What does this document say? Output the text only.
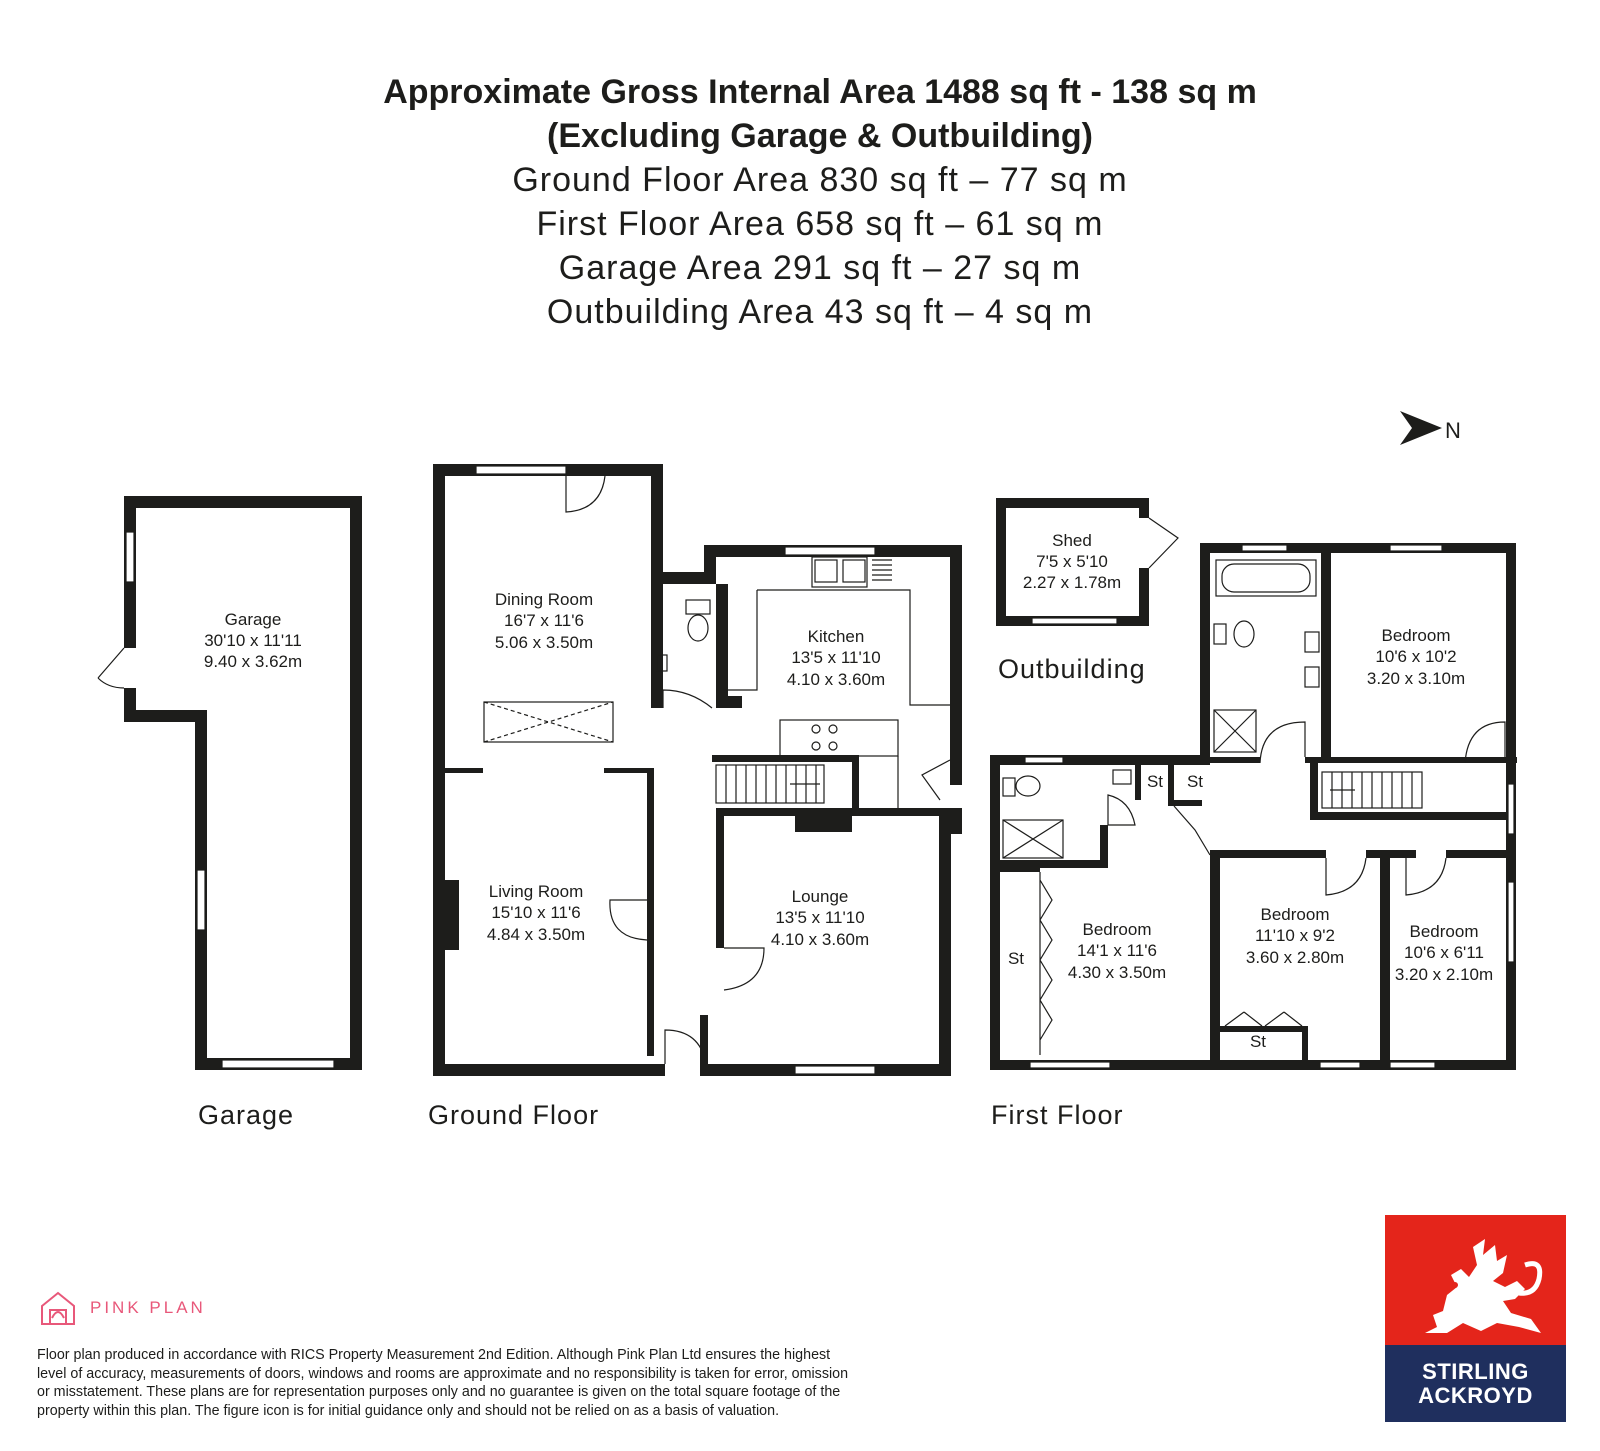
Approximate Gross Internal Area 1488 sq ft - 138 sq m
(Excluding Garage & Outbuilding)
Ground Floor Area 830 sq ft – 77 sq m
First Floor Area 658 sq ft – 61 sq m
Garage Area 291 sq ft – 27 sq m
Outbuilding Area 43 sq ft – 4 sq m
N
Garage
30'10 x 11'11
9.40 x 3.62m
Garage
Dining Room
16'7 x 11'6
5.06 x 3.50m	Kitchen
13'5 x 11'10
4.10 x 3.60m
Living Room
15'10 x 11'6
4.84 x 3.50m
Lounge
13'5 x 11'10
4.10 x 3.60m
Ground Floor
Shed
7'5 x 5'10
2.27 x 1.78m
Outbuilding
St St
St
St
Bedroom
10'6 x 10'2
3.20 x 3.10m
Bedroom
14'1 x 11'6
4.30 x 3.50m
Bedroom
11'10 x 9'2
3.60 x 2.80m
Bedroom
10'6 x 6'11
3.20 x 2.10m
First Floor
PINK PLAN
Floor plan produced in accordance with RICS Property Measurement 2nd Edition. Although Pink Plan Ltd ensures the highest
level of accuracy, measurements of doors, windows and rooms are approximate and no responsibility is taken for error, omission
or misstatement. These plans are for representation purposes only and no guarantee is given on the total square footage of the
property within this plan. The figure icon is for initial guidance only and should not be relied on as a basis of valuation.
STIRLING
ACKROYD
